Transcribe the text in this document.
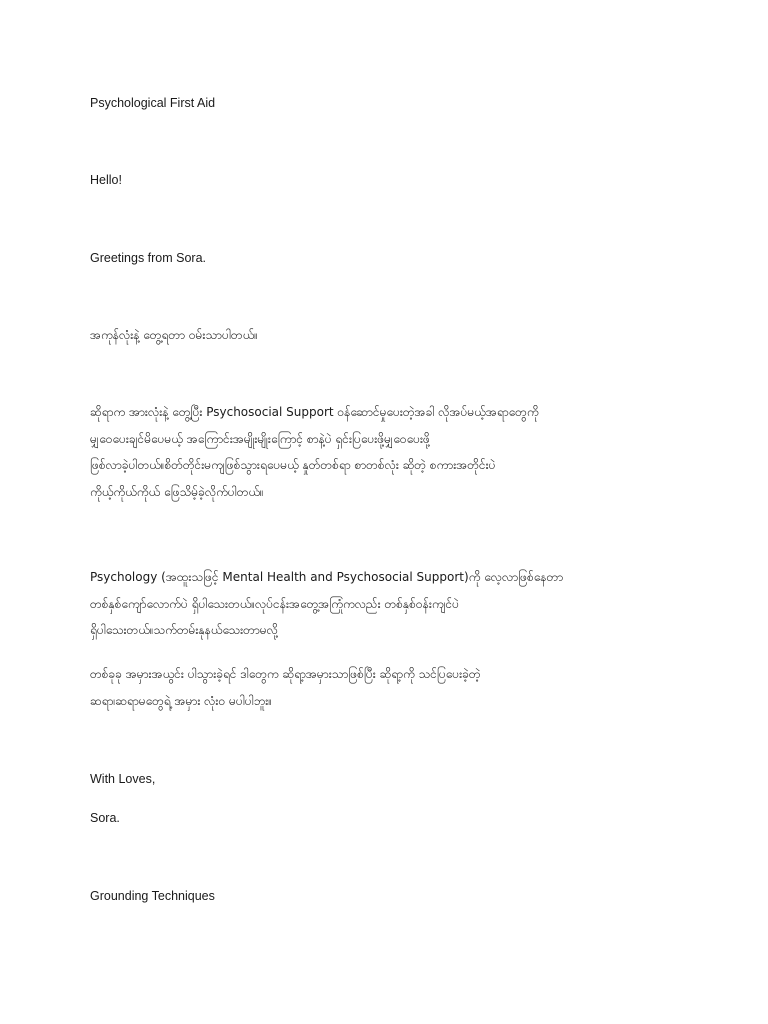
Psychological First Aid
Hello!
Greetings from Sora.
အကုန်လုံးနဲ့ တွေ့ရတာ ဝမ်းသာပါတယ်။
ဆိုရာက အားလုံးနဲ့ တွေ့ပြီး Psychosocial Support ဝန်ဆောင်မှုပေးတဲ့အခါ လိုအပ်မယ့်အရာတွေကို
မျှဝေပေးချင်မိပေမယ့် အကြောင်းအမျိုးမျိုးကြောင့် စာနဲ့ပဲ ရှင်းပြပေးဖို့မျှဝေပေးဖို့
ဖြစ်လာခဲ့ပါတယ်။စိတ်တိုင်းမကျဖြစ်သွားရပေမယ့် နှုတ်တစ်ရာ စာတစ်လုံး ဆိုတဲ့ စကားအတိုင်းပဲ
ကိုယ့်ကိုယ်ကိုယ် ဖြေသိမ့်ခဲ့လိုက်ပါတယ်။
Psychology (အထူးသဖြင့် Mental Health and Psychosocial Support)ကို လေ့လာဖြစ်နေတာ
တစ်နှစ်ကျော်လောက်ပဲ ရှိပါသေးတယ်။လုပ်ငန်းအတွေ့အကြုံကလည်း တစ်နှစ်ဝန်းကျင်ပဲ
ရှိပါသေးတယ်။သက်တမ်းနုနယ်သေးတာမလို့
တစ်ခုခု အမှားအယွင်း ပါသွားခဲ့ရင် ဒါတွေက ဆိုရာ့အမှားသာဖြစ်ပြီး ဆိုရာ့ကို သင်ပြပေးခဲ့တဲ့
ဆရာ၊ဆရာမတွေရဲ့ အမှား လုံးဝ မပါပါဘူး။
With Loves,
Sora.
Grounding Techniques
